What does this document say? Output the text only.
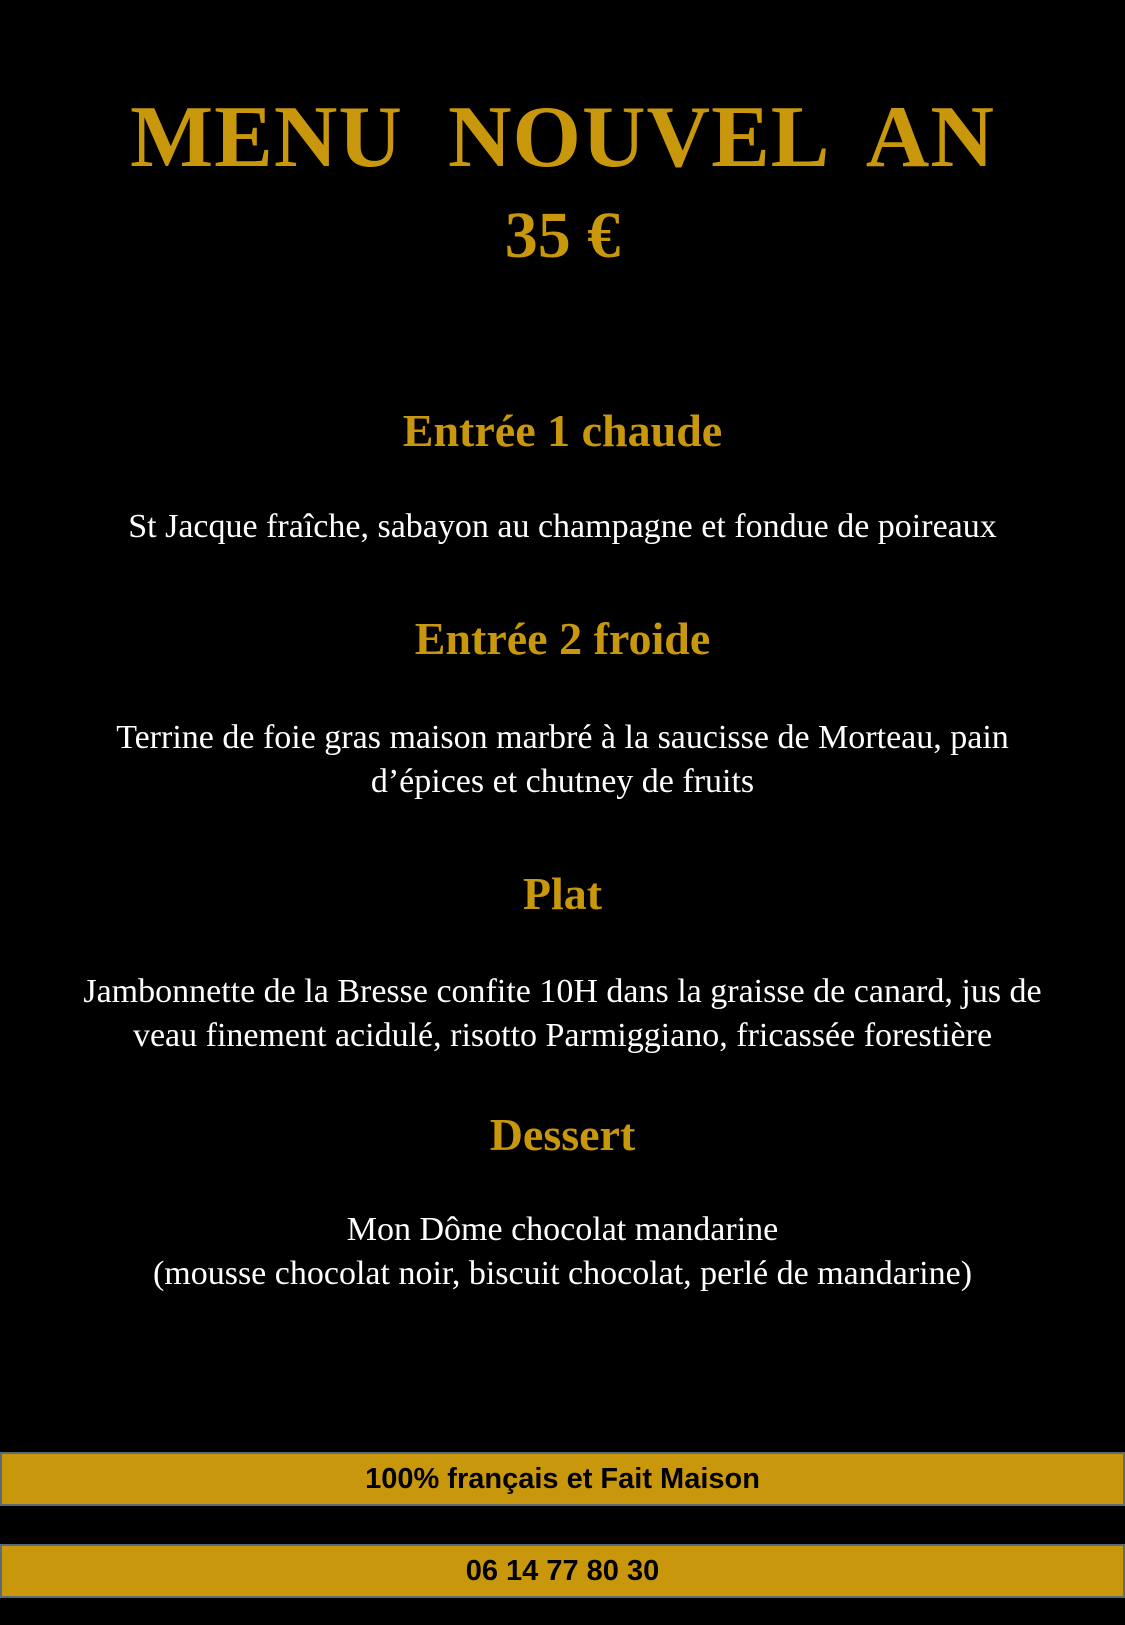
MENU NOUVEL AN
35 €
Entrée 1 chaude
St Jacque fraîche, sabayon au champagne et fondue de poireaux
Entrée 2 froide
Terrine de foie gras maison marbré à la saucisse de Morteau, pain
d’épices et chutney de fruits
Plat
Jambonnette de la Bresse confite 10H dans la graisse de canard, jus de
veau finement acidulé, risotto Parmiggiano, fricassée forestière
Dessert
Mon Dôme chocolat mandarine
(mousse chocolat noir, biscuit chocolat, perlé de mandarine)
100% français et Fait Maison
06 14 77 80 30
